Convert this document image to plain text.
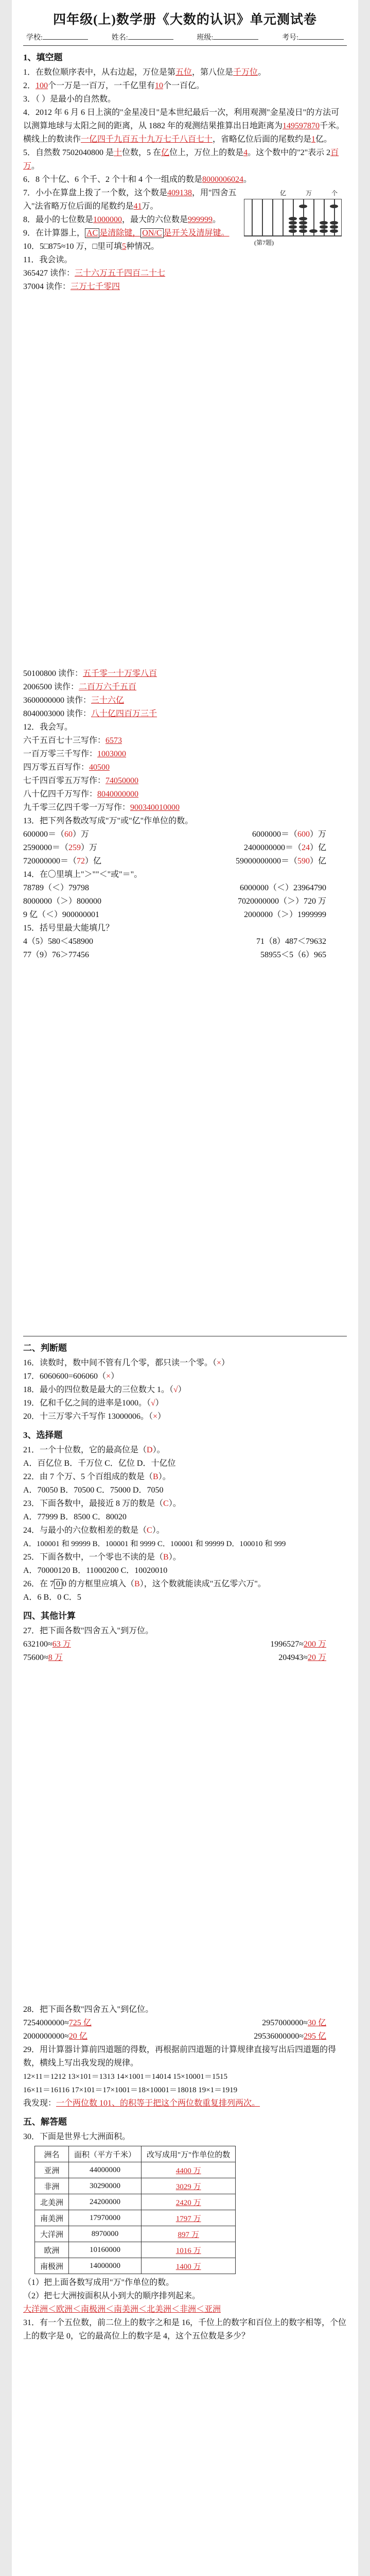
四年级(上)数学册《大数的认识》单元测试卷
学校:	姓名:	班级:	考号:
1、填空题

1．在数位顺序表中，从右边起，万位是第五位，第八位是千万位。

2．100个一万是一百万，一千亿里有10个一百亿。

3．（ ）是最小的自然数。

4．2012 年 6 月 6 日上演的"金星凌日"是本世纪最后一次，利用观测"金星凌日"的方法可以测算地球与太阳之间的距离，从 1882 年的观测结果推算出日地距离为149597870千米。横线上的数读作一亿四千九百五十九万七千八百七十，省略亿位后面的尾数约是1亿。

5．自然数 7502040800 是十位数，5 在亿位上，万位上的数是4。这个数中的"2"表示 2百万。

6．8 个十亿、6 个千、2 个十和 4 个一组成的数是8000006024。

亿	万	个
(第7题)

7．小小在算盘上拨了一个数，这个数是409138，用"四舍五入"法省略万位后面的尾数约是41万。

8．最小的七位数是1000000，最大的六位数是999999。

9．在计算器上， AC 是清除键， ON/C 是开关及清屏键。

10．5□875≈10 万，□里可填5种情况。

11．我会读。

365427 读作：三十六万五千四百二十七

37004 读作：三万七千零四

50100800 读作：五千零一十万零八百

2006500 读作：二百万六千五百

3600000000 读作：三十六亿

8040003000 读作：八十亿四百万三千

12．我会写。

六千五百七十三写作：6573

一百万零三千写作：1003000

四万零五百写作：40500

七千四百零五万写作：74050000

八十亿四千万写作：8040000000

九千零三亿四千零一万写作：900340010000

13．把下列各数改写成"万"或"亿"作单位的数。

600000＝（60）万	6000000＝（600）万

2590000＝（259）万	2400000000＝（24）亿

720000000＝（72）亿	59000000000＝（590）亿

14．在〇里填上"＞""＜"或"＝"。

78789（＜）79798	6000000（＜）23964790

8000000（＞）800000	7020000000（＞）720 万

9 亿（＜）900000001	2000000（＞）1999999

15．括号里最大能填几？

4（5）580＜458900	71（8）487＜7​9632

77（9）76＞77456	58955＜5（6）965

二、判断题

16．读数时，数中间不管有几个零，都只读一个零。（×）

17．6060600=606060（×）

18．最小的四位数是最大的三位数大 1。（√）

19．亿和千亿之间的进率是1000。（√）

20．十三万零六千写作 13000006。（×）

3、选择题

21．一个十位数，它的最高位是（D）。

A．百亿位 B．千万位 C．亿位 D．十亿位

22．由 7 个万、5 个百组成的数是（B）。

A．70050 B．70500 C．75000 D．7050

23．下面各数中，最接近 8 万的数是（C）。

A．77999 B．8500 C．80020

24．与最小的六位数相差的数是（C）。

A．100001 和 99999 B．100001 和 9999 C．100001 和 99999 D．100010 和 999

25．下面各数中，一个零也不读的是（B）。

A．70000120 B．11000200 C．10020010

26．在 7 0 0 的方框里应填入（B），这个数就能读成"五亿零六万"。

A．6 B．0 C．5

四、其他计算

27．把下面各数"四舍五入"到万位。

632100≈63 万	1996527≈200 万

75600≈8 万	204943≈20 万

28．把下面各数"四舍五入"到亿位。

7254000000≈725 亿	2957000000≈30 亿

2000000000≈20 亿	29536000000≈295 亿

29．用计算器计算前四道题的得数，再根据前四道题的计算规律直接写出后四道题的得数，横线上写出我发现的规律。

12×11＝1212 13×101＝1313 14×1001＝14014 15×10001＝1515

16×11＝16116 17×101＝17×1001＝18×10001＝18018 19×1＝1919

我发现：一个两位数 101、的积等于把这个两位数重复排列两次。

五、解答题

30．下面是世界七大洲面积。

洲名	面积（平方千米）	改写成用"万"作单位的数
亚洲	44000000	4400 万
非洲	30290000	3029 万
北美洲	24200000	2420 万
南美洲	17970000	1797 万
大洋洲	8970000	897 万
欧洲	10160000	1016 万
南极洲	14000000	1400 万

（1）把上面各数写成用"万"作单位的数。

（2）把七大洲按面积从小到大的顺序排列起来。

大洋洲＜欧洲＜南极洲＜南美洲＜北美洲＜非洲＜亚洲

31．有一个五位数，前二位上的数字之和是 16，千位上的数字和百位上的数字相等，个位上的数字是 0，它的最高位上的数字是 4，这个五位数是多少？
